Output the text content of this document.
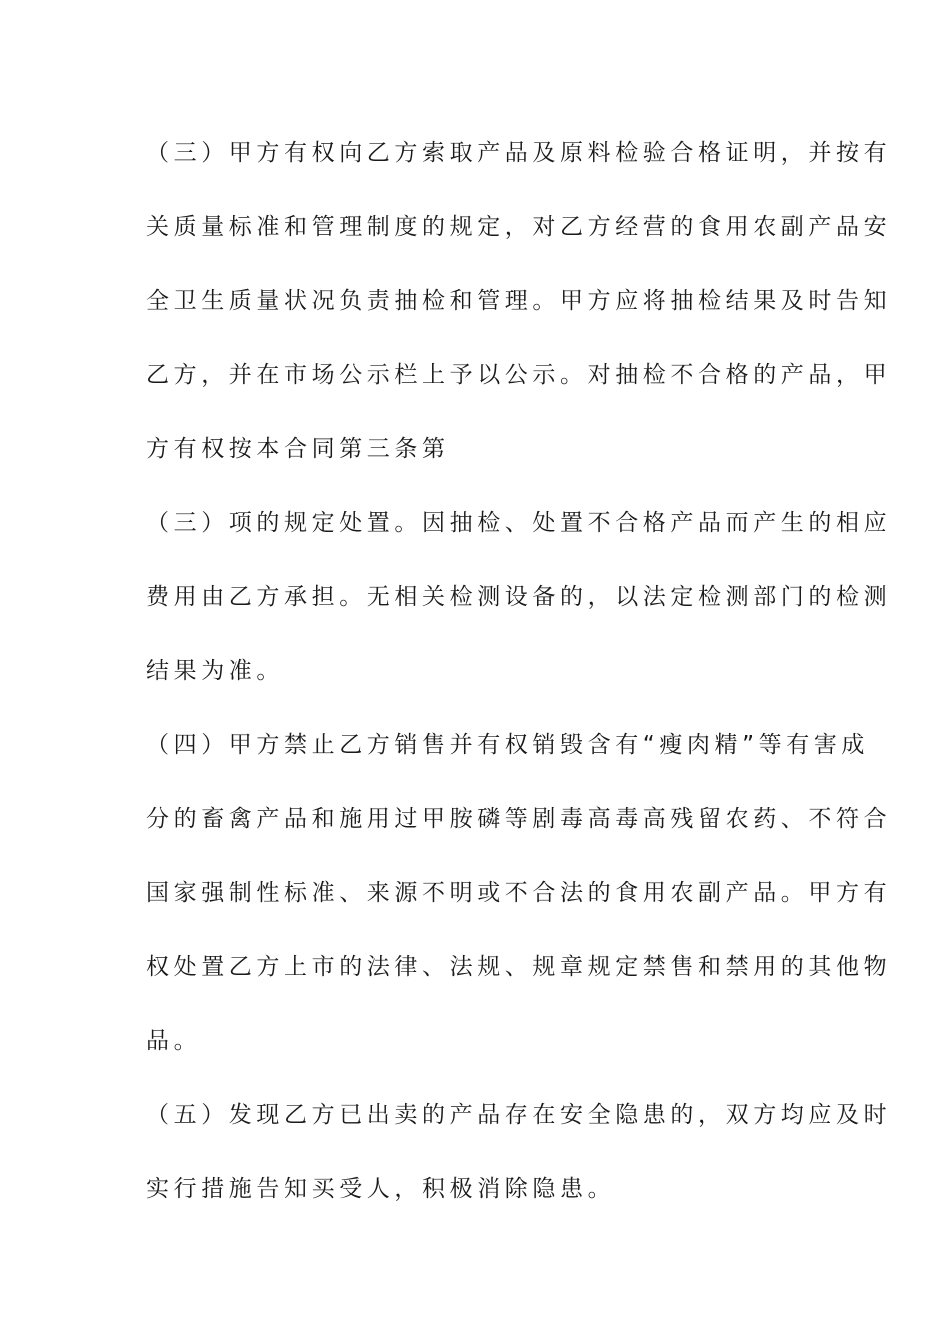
（三）甲方有权向乙方索取产品及原料检验合格证明，并按有
关质量标准和管理制度的规定，对乙方经营的食用农副产品安
全卫生质量状况负责抽检和管理。甲方应将抽检结果及时告知
乙方，并在市场公示栏上予以公示。对抽检不合格的产品，甲
方有权按本合同第三条第
（三）项的规定处置。因抽检、处置不合格产品而产生的相应
费用由乙方承担。无相关检测设备的，以法定检测部门的检测
结果为准。
（四）甲方禁止乙方销售并有权销毁含有“瘦肉精”等有害成
分的畜禽产品和施用过甲胺磷等剧毒高毒高残留农药、不符合
国家强制性标准、来源不明或不合法的食用农副产品。甲方有
权处置乙方上市的法律、法规、规章规定禁售和禁用的其他物
品。
（五）发现乙方已出卖的产品存在安全隐患的，双方均应及时
实行措施告知买受人，积极消除隐患。
